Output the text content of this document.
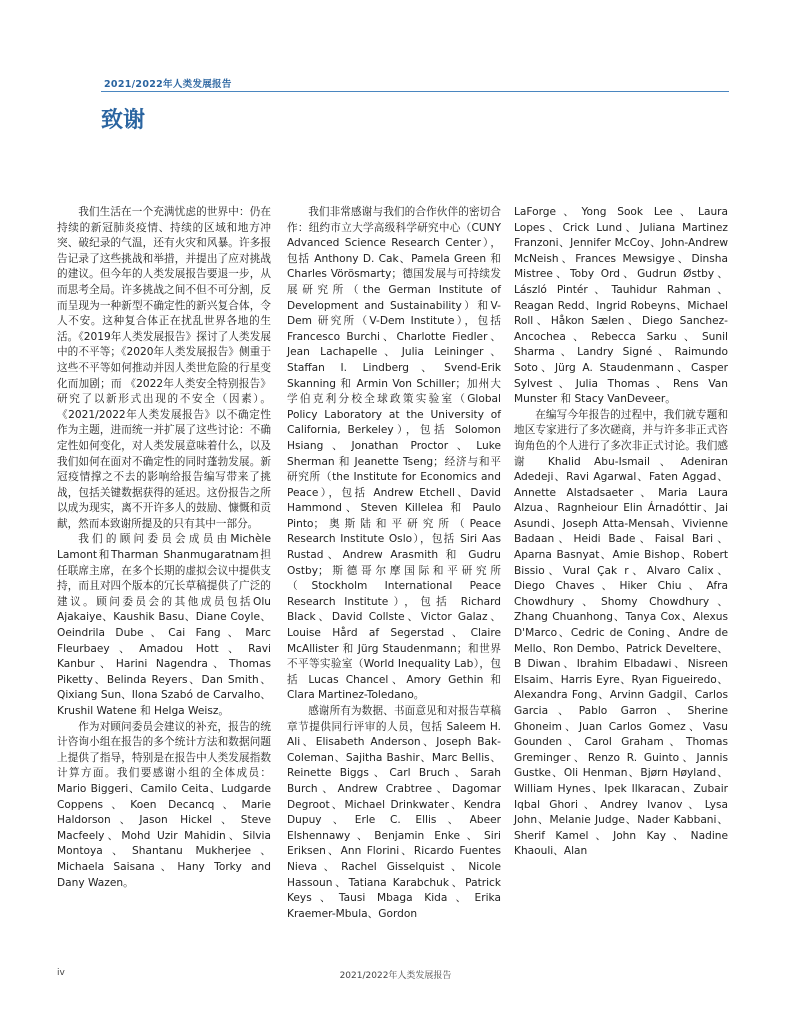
2021/2022年人类发展报告
致谢

我们生活在一个充满忧虑的世界中：仍在持续的新冠肺炎疫情、持续的区域和地方冲突、破纪录的气温，还有火灾和风暴。许多报告记录了这些挑战和举措，并提出了应对挑战的建议。但今年的人类发展报告要退一步，从而思考全局。许多挑战之间不但不可分割，反而呈现为一种新型不确定性的新兴复合体，令人不安。这种复合体正在扰乱世界各地的生活。《2019年人类发展报告》探讨了人类发展中的不平等；《2020年人类发展报告》侧重于这些不平等如何推动并因人类世危险的行星变化而加剧；而 《2022年人类安全特别报告》研究了以新形式出现的不安全（因素）。《2021/2022年人类发展报告》以不确定性作为主题，进而统一并扩展了这些讨论：不确定性如何变化，对人类发展意味着什么，以及我们如何在面对不确定性的同时蓬勃发展。新冠疫情撑之不去的影响给报告编写带来了挑战，包括关键数据获得的延迟。这份报告之所以成为现实，离不开许多人的鼓励、慷慨和贡献，然而本致谢所提及的只有其中一部分。

我们的顾问委员会成员由Michèle Lamont和Tharman Shanmugaratnam担任联席主席，在多个长期的虚拟会议中提供支持，而且对四个版本的冗长草稿提供了广泛的建议。顾问委员会的其他成员包括Olu Ajakaiye、Kaushik Basu、Diane Coyle、Oeindrila Dube、Cai Fang、Marc Fleurbaey、Amadou Hott、Ravi Kanbur、Harini Nagendra、Thomas Piketty、Belinda Reyers、Dan Smith、Qixiang Sun、Ilona Szabó de Carvalho、Krushil Watene 和 Helga Weisz。

作为对顾问委员会建议的补充，报告的统计咨询小组在报告的多个统计方法和数据问题上提供了指导，特别是在报告中人类发展指数计算方面。我们要感谢小组的全体成员： Mario Biggeri、Camilo Ceita、Ludgarde Coppens、Koen Decancq、Marie Haldorson、Jason Hickel、Steve Macfeely、Mohd Uzir Mahidin、Silvia Montoya、Shantanu Mukherjee、Michaela Saisana、Hany Torky and Dany Wazen。

我们非常感谢与我们的合作伙伴的密切合作：纽约市立大学高级科学研究中心（CUNY Advanced Science Research Center），包括 Anthony D. Cak、Pamela Green 和 Charles Vörösmarty；德国发展与可持续发展研究所（the German Institute of Development and Sustainability）和V-Dem 研究所（V-Dem Institute），包括 Francesco Burchi、Charlotte Fiedler、Jean Lachapelle、Julia Leininger、Staffan I. Lindberg、Svend-Erik Skanning 和 Armin Von Schiller；加州大学伯克利分校全球政策实验室（Global Policy Laboratory at the University of California, Berkeley），包括 Solomon Hsiang、Jonathan Proctor、Luke Sherman 和 Jeanette Tseng；经济与和平研究所（the Institute for Economics and Peace），包括 Andrew Etchell、David Hammond、Steven Killelea 和 Paulo Pinto；奥斯陆和平研究所（Peace Research Institute Oslo），包括 Siri Aas Rustad、Andrew Arasmith 和 Gudru Ostby；斯德哥尔摩国际和平研究所（Stockholm International Peace Research Institute），包括 Richard Black、David Collste、Victor Galaz、Louise Hård af Segerstad、Claire McAllister 和 Jürg Staudenmann；和世界不平等实验室（World Inequality Lab），包括 Lucas Chancel、Amory Gethin 和 Clara Martinez-Toledano。

感谢所有为数据、书面意见和对报告草稿章节提供同行评审的人员，包括 Saleem H. Ali、Elisabeth Anderson、Joseph Bak-Coleman、Sajitha Bashir、Marc Bellis、Reinette Biggs、Carl Bruch、Sarah Burch、Andrew Crabtree、Dagomar Degroot、Michael Drinkwater、Kendra Dupuy、Erle C. Ellis、Abeer Elshennawy、Benjamin Enke、Siri Eriksen、Ann Florini、Ricardo Fuentes Nieva、Rachel Gisselquist、Nicole Hassoun、Tatiana Karabchuk、Patrick Keys、Tausi Mbaga Kida、Erika Kraemer-Mbula、Gordon

LaForge、Yong Sook Lee、Laura Lopes、Crick Lund、Juliana Martinez Franzoni、Jennifer McCoy、John-Andrew McNeish、Frances Mewsigye、Dinsha Mistree、Toby Ord、Gudrun Østby、László Pintér、Tauhidur Rahman、Reagan Redd、Ingrid Robeyns、Michael Roll、Håkon Sælen、Diego Sanchez-Ancochea、Rebecca Sarku、Sunil Sharma、Landry Signé、Raimundo Soto、Jürg A. Staudenmann、Casper Sylvest、Julia Thomas、Rens Van Munster 和 Stacy VanDeveer。

在编写今年报告的过程中，我们就专题和地区专家进行了多次磋商，并与许多非正式咨询角色的个人进行了多次非正式讨论。我们感谢 Khalid Abu-Ismail、Adeniran Adedeji、Ravi Agarwal、Faten Aggad、Annette Alstadsaeter、Maria Laura Alzua、Ragnheiour Elin Árnadóttir、Jai Asundi、Joseph Atta-Mensah、Vivienne Badaan、Heidi Bade、Faisal Bari、Aparna Basnyat、Amie Bishop、Robert Bissio、Vural Çak r、Alvaro Calix、Diego Chaves、Hiker Chiu、Afra Chowdhury、Shomy Chowdhury、Zhang Chuanhong、Tanya Cox、Alexus D'Marco、Cedric de Coning、Andre de Mello、Ron Dembo、Patrick Develtere、B Diwan、Ibrahim Elbadawi、Nisreen Elsaim、Harris Eyre、Ryan Figueiredo、Alexandra Fong、Arvinn Gadgil、Carlos Garcia、Pablo Garron、Sherine Ghoneim、Juan Carlos Gomez、Vasu Gounden、Carol Graham、Thomas Greminger、Renzo R. Guinto、Jannis Gustke、Oli Henman、Bjørn Høyland、William Hynes、Ipek Ilkaracan、Zubair Iqbal Ghori、Andrey Ivanov、Lysa John、Melanie Judge、Nader Kabbani、Sherif Kamel、John Kay、Nadine Khaouli、Alan

iv	2021/2022年人类发展报告
